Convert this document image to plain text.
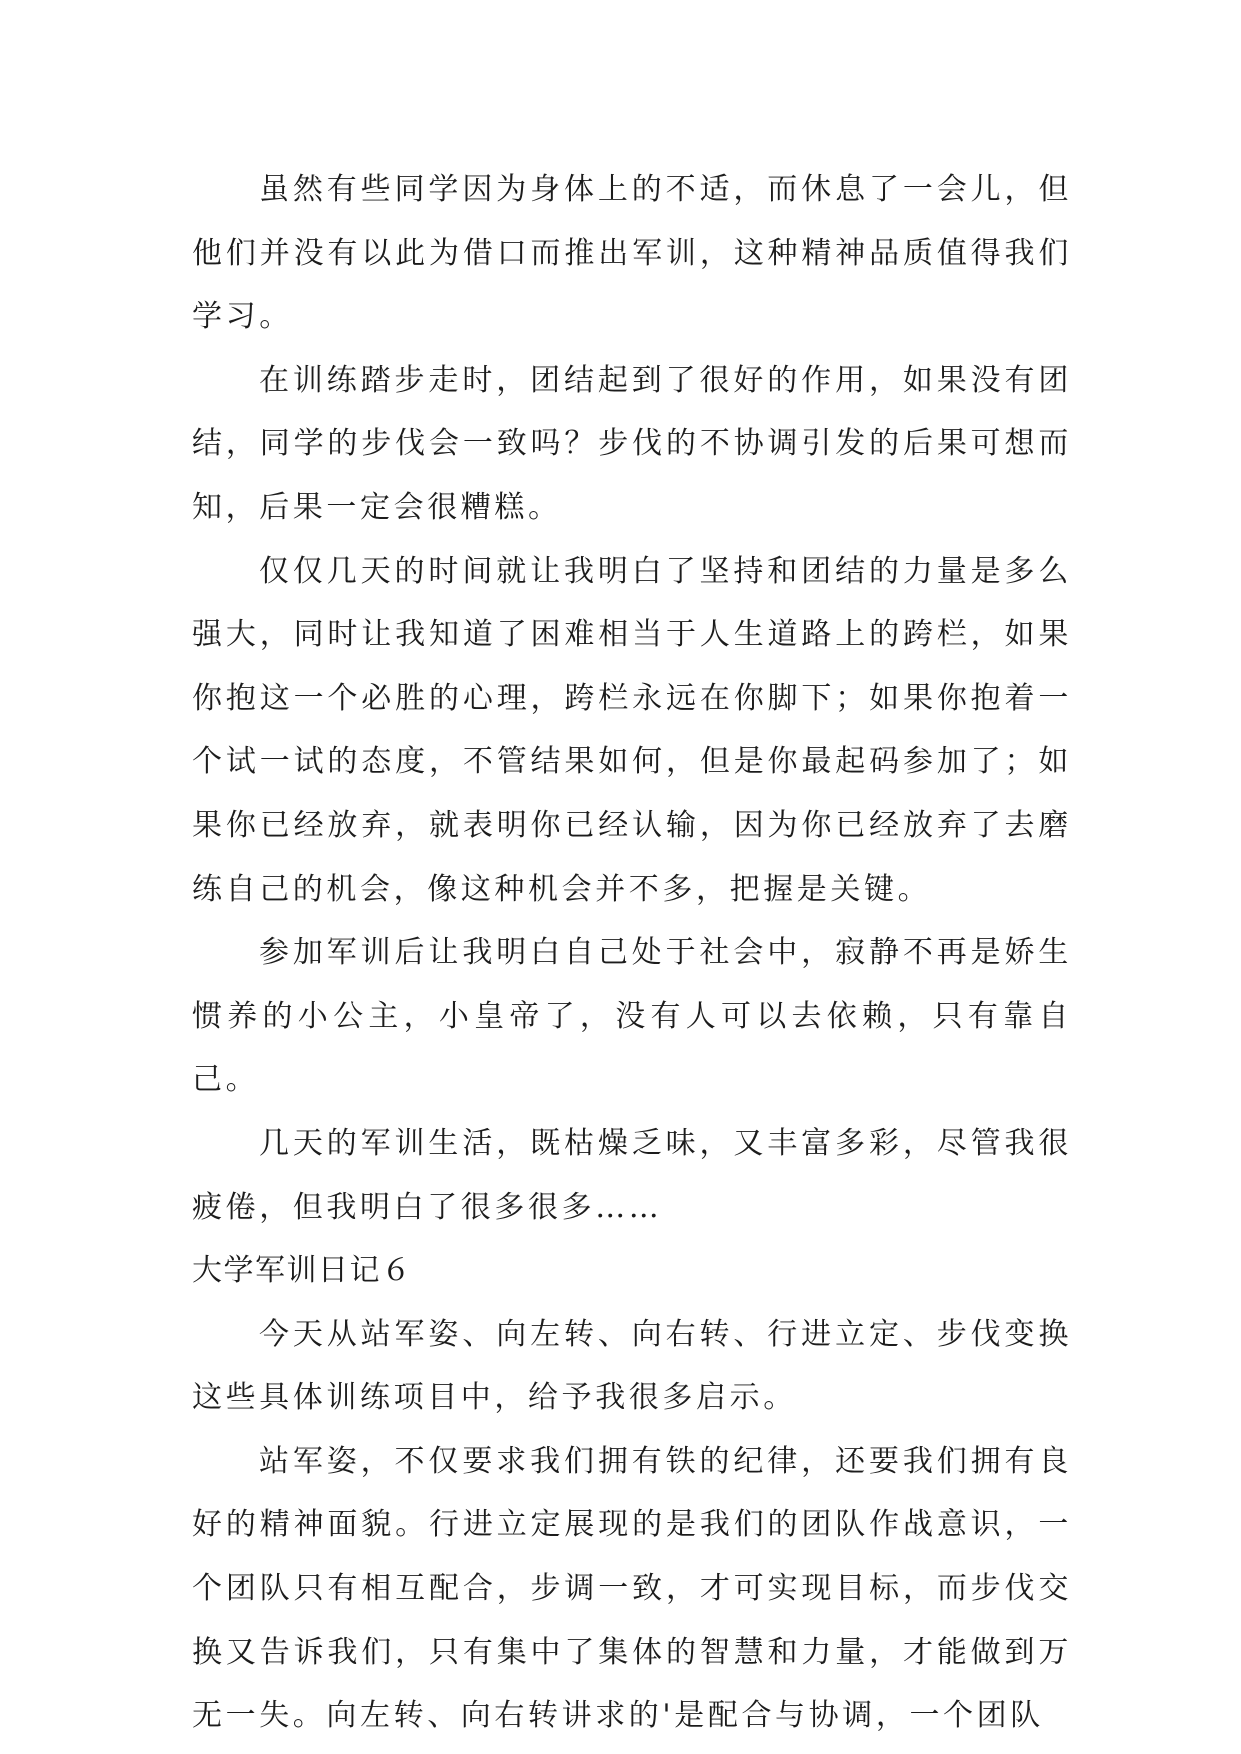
虽然有些同学因为身体上的不适，而休息了一会儿，但他们并没有以此为借口而推出军训，这种精神品质值得我们学习。

在训练踏步走时，团结起到了很好的作用，如果没有团结，同学的步伐会一致吗？步伐的不协调引发的后果可想而知，后果一定会很糟糕。

仅仅几天的时间就让我明白了坚持和团结的力量是多么强大，同时让我知道了困难相当于人生道路上的跨栏，如果你抱这一个必胜的心理，跨栏永远在你脚下；如果你抱着一个试一试的态度，不管结果如何，但是你最起码参加了；如果你已经放弃，就表明你已经认输，因为你已经放弃了去磨练自己的机会，像这种机会并不多，把握是关键。

参加军训后让我明白自己处于社会中，寂静不再是娇生惯养的小公主，小皇帝了，没有人可以去依赖，只有靠自己。

几天的军训生活，既枯燥乏味，又丰富多彩，尽管我很疲倦，但我明白了很多很多……

大学军训日记６

今天从站军姿、向左转、向右转、行进立定、步伐变换这些具体训练项目中，给予我很多启示。

站军姿，不仅要求我们拥有铁的纪律，还要我们拥有良好的精神面貌。行进立定展现的是我们的团队作战意识，一个团队只有相互配合，步调一致，才可实现目标，而步伐交换又告诉我们，只有集中了集体的智慧和力量，才能做到万无一失。向左转、向右转讲求的'是配合与协调，一个团队
